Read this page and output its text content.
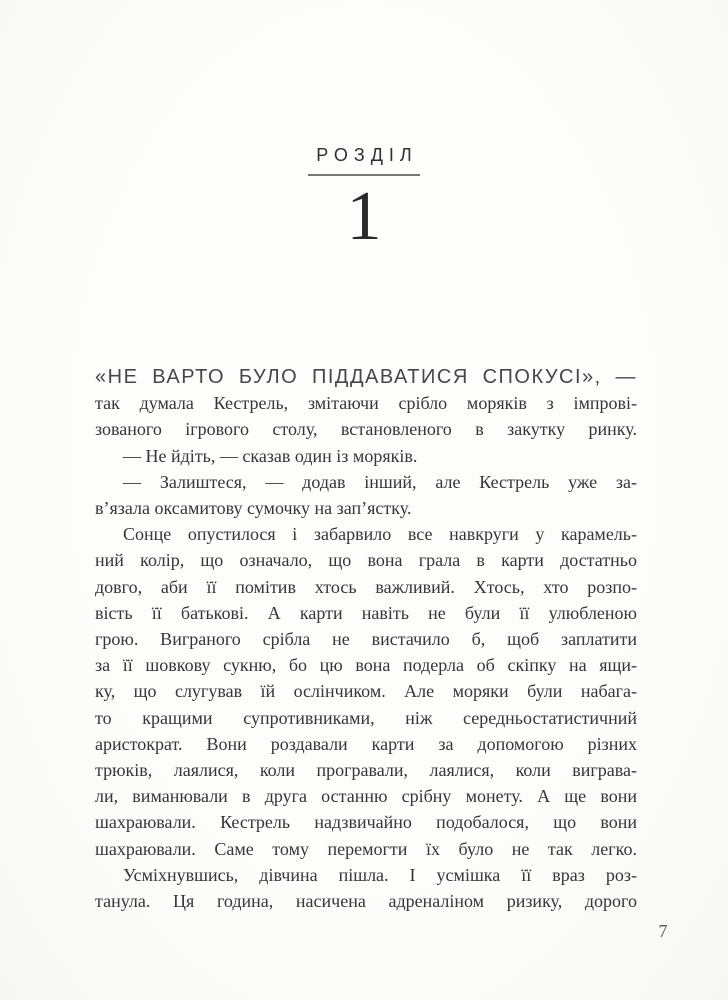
РОЗДІЛ
1
«НЕ ВАРТО БУЛО ПІДДАВАТИСЯ СПОКУСІ», —
так думала Кестрель, змітаючи срібло моряків з імпрові-
зованого ігрового столу, встановленого в закутку ринку.
— Не йдіть, — сказав один із моряків.
— Залиштеся, — додав інший, але Кестрель уже за-
в’язала оксамитову сумочку на зап’ястку.
Сонце опустилося і забарвило все навкруги у карамель-
ний колір, що означало, що вона грала в карти достатньо
довго, аби її помітив хтось важливий. Хтось, хто розпо-
вість її батькові. А карти навіть не були її улюбленою
грою. Виграного срібла не вистачило б, щоб заплатити
за її шовкову сукню, бо цю вона подерла об скіпку на ящи-
ку, що слугував їй ослінчиком. Але моряки були набага-
то кращими супротивниками, ніж середньостатистичний
аристократ. Вони роздавали карти за допомогою різних
трюків, лаялися, коли програвали, лаялися, коли виграва-
ли, виманювали в друга останню срібну монету. А ще вони
шахраювали. Кестрель надзвичайно подобалося, що вони
шахраювали. Саме тому перемогти їх було не так легко.
Усміхнувшись, дівчина пішла. І усмішка її враз роз-
танула. Ця година, насичена адреналіном ризику, дорого
7
